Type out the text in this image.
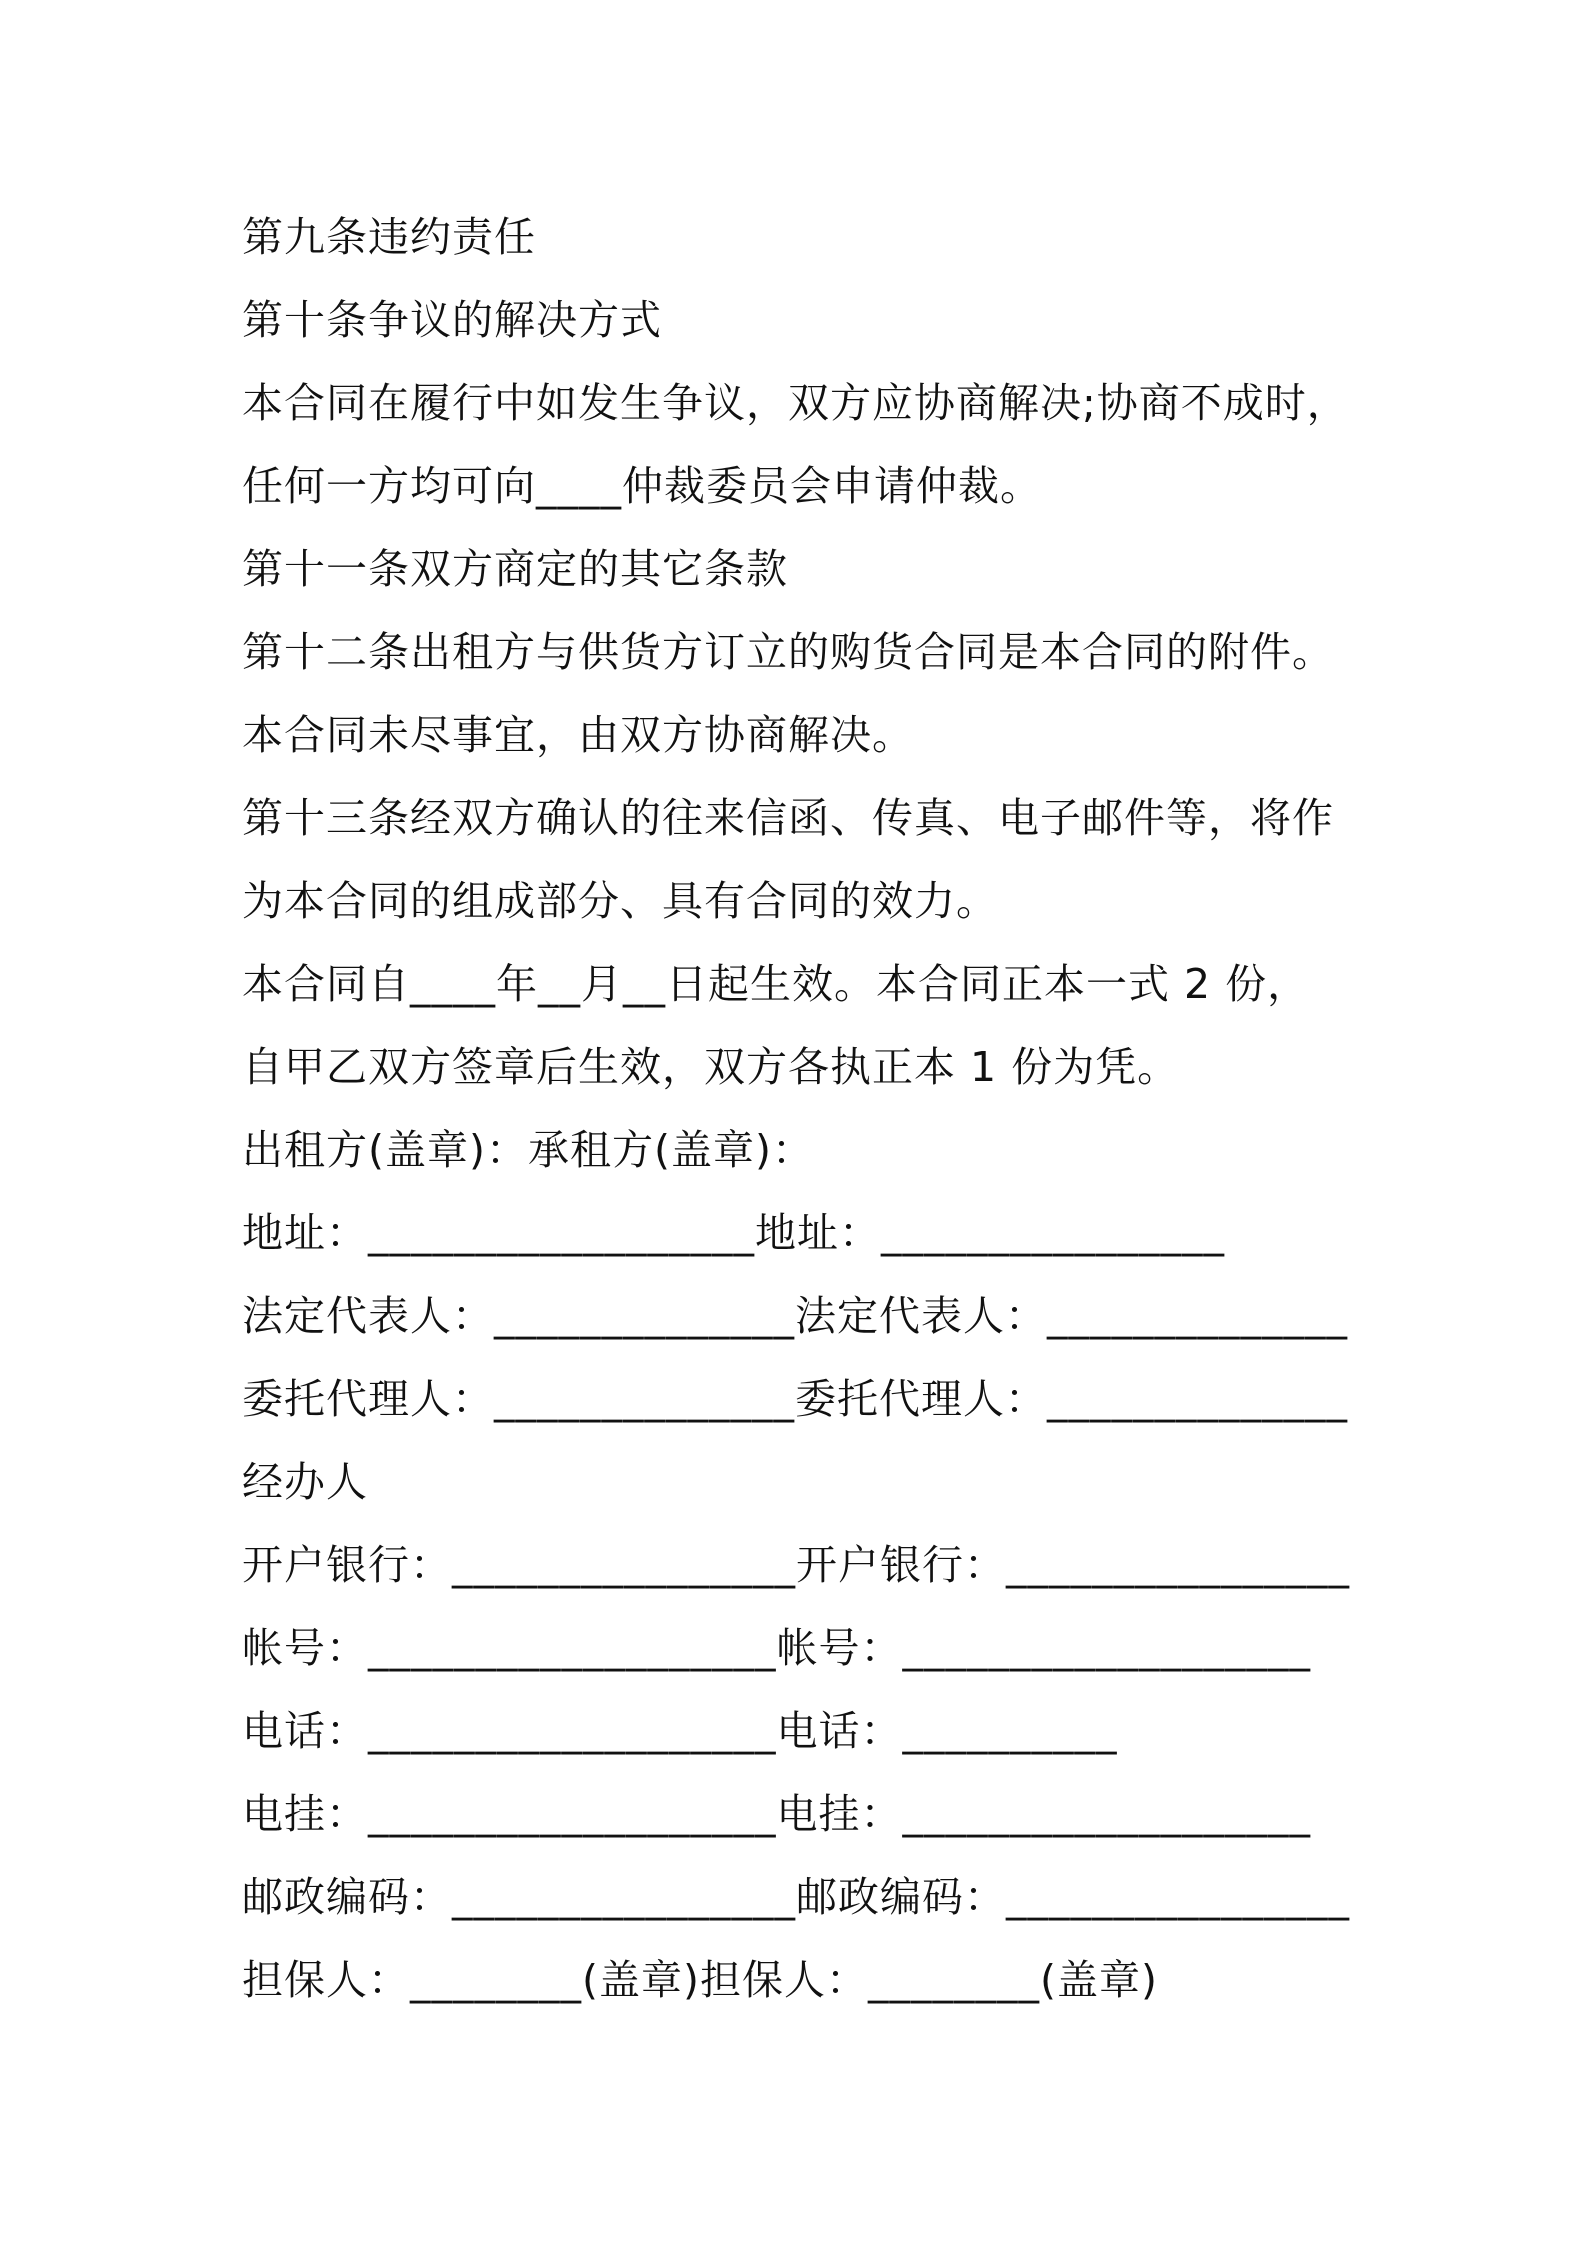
第九条违约责任

第十条争议的解决方式

本合同在履行中如发生争议，双方应协商解决;协商不成时，

任何一方均可向____仲裁委员会申请仲裁。

第十一条双方商定的其它条款

第十二条出租方与供货方订立的购货合同是本合同的附件。

本合同未尽事宜，由双方协商解决。

第十三条经双方确认的往来信函、传真、电子邮件等，将作

为本合同的组成部分、具有合同的效力。

本合同自____年__月__日起生效。本合同正本一式 2 份，

自甲乙双方签章后生效，双方各执正本 1 份为凭。

出租方(盖章)：承租方(盖章)：

地址：__________________地址：________________

法定代表人：______________法定代表人：______________

委托代理人：______________委托代理人：______________

经办人

开户银行：________________开户银行：________________

帐号：___________________帐号：___________________

电话：___________________电话：__________

电挂：___________________电挂：___________________

邮政编码：________________邮政编码：________________

担保人：________(盖章)担保人：________(盖章)
